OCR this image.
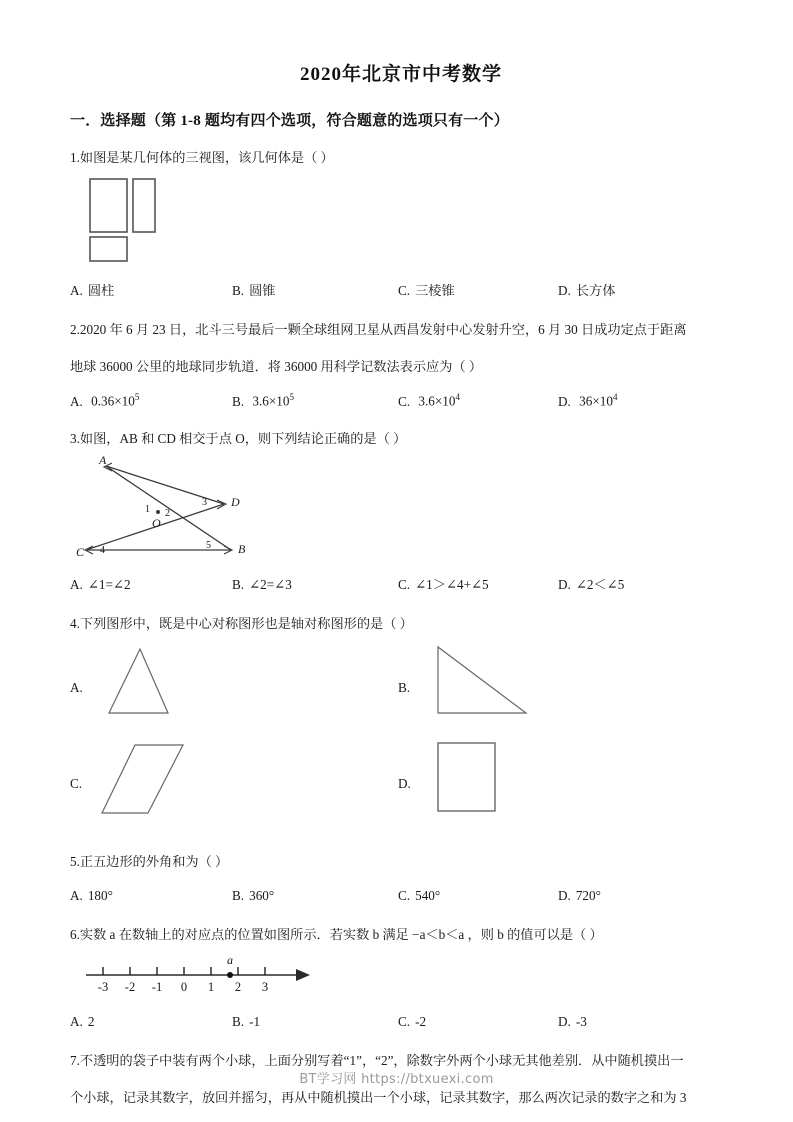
2020年北京市中考数学
一．选择题（第 1-8 题均有四个选项，符合题意的选项只有一个）
1.如图是某几何体的三视图，该几何体是（ ）
A. 圆柱	B. 圆锥	C. 三棱锥	D. 长方体
2.2020 年 6 月 23 日，北斗三号最后一颗全球组网卫星从西昌发射中心发射升空，6 月 30 日成功定点于距离
地球 36000 公里的地球同步轨道．将 36000 用科学记数法表示应为（ ）
A. $0.36\times 10^5$	B. $3.6\times 10^5$	C. $3.6\times 10^4$	D. $36\times 10^4$
3.如图，AB 和 CD 相交于点 O，则下列结论正确的是（ ）
A
D
O
C	B
3
1 2
4	5
A. ∠1=∠2	B. ∠2=∠3	C. ∠1＞∠4+∠5	D. ∠2＜∠5
4.下列图形中，既是中心对称图形也是轴对称图形的是（ ）
A.	B.
C.	D.
5.正五边形的外角和为（ ）
A. 180°	B. 360°	C. 540°	D. 720°
6.实数 a 在数轴上的对应点的位置如图所示．若实数 b 满足 −a＜b＜a ，则 b 的值可以是（ ）
-3 -2 -1 0 1 2 3
a
A. 2	B. -1	C. -2	D. -3
7.不透明的袋子中装有两个小球，上面分别写着“1”，“2”，除数字外两个小球无其他差别．从中随机摸出一
个小球，记录其数字，放回并摇匀，再从中随机摸出一个小球，记录其数字，那么两次记录的数字之和为 3
BT学习网 https://btxuexi.com
